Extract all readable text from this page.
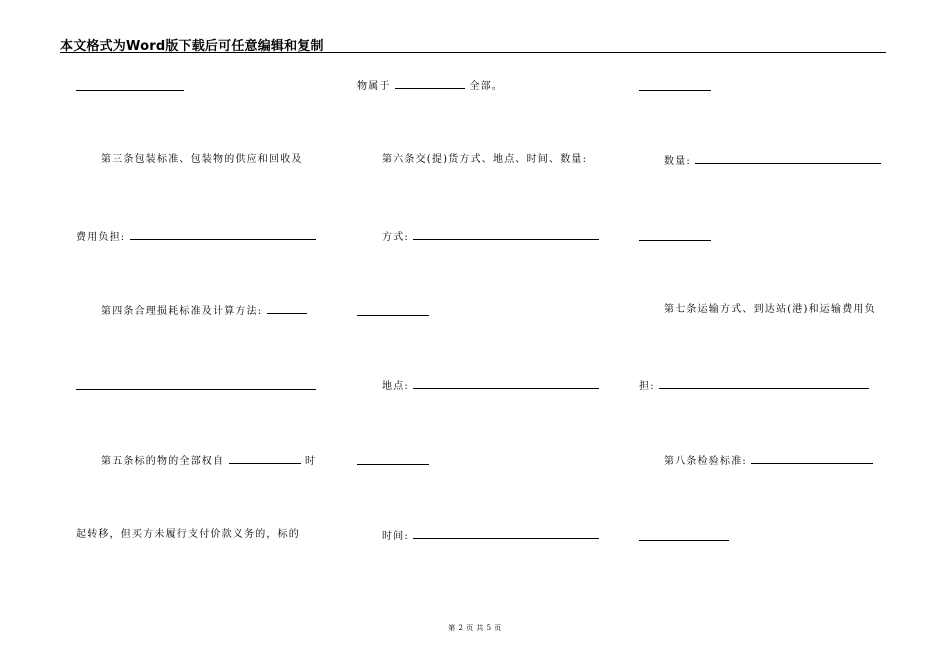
本文格式为Word版下载后可任意编辑和复制
第三条包装标准、包装物的供应和回收及
费用负担:
第四条合理损耗标准及计算方法:
第五条标的物的全部权自	时
起转移，但买方未履行支付价款义务的，标的
物属于	全部。
第六条交(提)货方式、地点、时间、数量:
方式:
地点:
时间:
数量:
第七条运输方式、到达站(港)和运输费用负
担:
第八条检验标准:
第 2 页 共 5 页
